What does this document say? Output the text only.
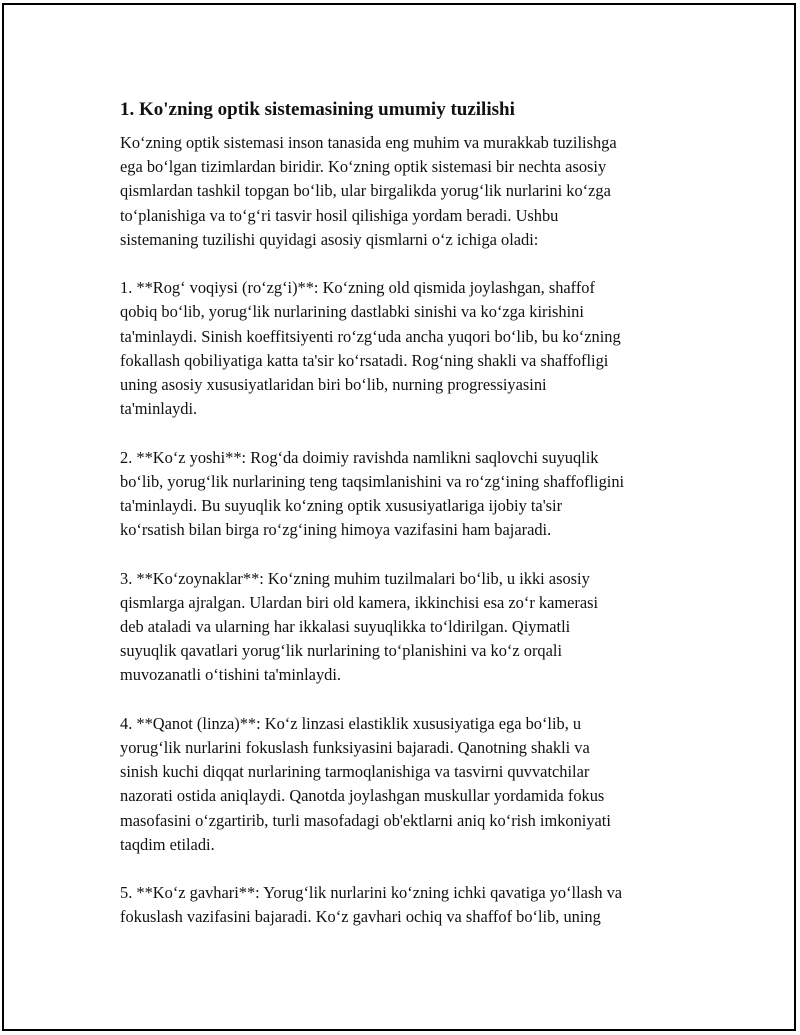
1. Ko'zning optik sistemasining umumiy tuzilishi

Ko‘zning optik sistemasi inson tanasida eng muhim va murakkab tuzilishga
ega bo‘lgan tizimlardan biridir. Ko‘zning optik sistemasi bir nechta asosiy
qismlardan tashkil topgan bo‘lib, ular birgalikda yorug‘lik nurlarini ko‘zga
to‘planishiga va to‘g‘ri tasvir hosil qilishiga yordam beradi. Ushbu
sistemaning tuzilishi quyidagi asosiy qismlarni o‘z ichiga oladi:

1. **Rog‘ voqiysi (ro‘zg‘i)**: Ko‘zning old qismida joylashgan, shaffof
qobiq bo‘lib, yorug‘lik nurlarining dastlabki sinishi va ko‘zga kirishini
ta'minlaydi. Sinish koeffitsiyenti ro‘zg‘uda ancha yuqori bo‘lib, bu ko‘zning
fokallash qobiliyatiga katta ta'sir ko‘rsatadi. Rog‘ning shakli va shaffofligi
uning asosiy xususiyatlaridan biri bo‘lib, nurning progressiyasini
ta'minlaydi.

2. **Ko‘z yoshi**: Rog‘da doimiy ravishda namlikni saqlovchi suyuqlik
bo‘lib, yorug‘lik nurlarining teng taqsimlanishini va ro‘zg‘ining shaffofligini
ta'minlaydi. Bu suyuqlik ko‘zning optik xususiyatlariga ijobiy ta'sir
ko‘rsatish bilan birga ro‘zg‘ining himoya vazifasini ham bajaradi.

3. **Ko‘zoynaklar**: Ko‘zning muhim tuzilmalari bo‘lib, u ikki asosiy
qismlarga ajralgan. Ulardan biri old kamera, ikkinchisi esa zo‘r kamerasi
deb ataladi va ularning har ikkalasi suyuqlikka to‘ldirilgan. Qiymatli
suyuqlik qavatlari yorug‘lik nurlarining to‘planishini va ko‘z orqali
muvozanatli o‘tishini ta'minlaydi.

4. **Qanot (linza)**: Ko‘z linzasi elastiklik xususiyatiga ega bo‘lib, u
yorug‘lik nurlarini fokuslash funksiyasini bajaradi. Qanotning shakli va
sinish kuchi diqqat nurlarining tarmoqlanishiga va tasvirni quvvatchilar
nazorati ostida aniqlaydi. Qanotda joylashgan muskullar yordamida fokus
masofasini o‘zgartirib, turli masofadagi ob'ektlarni aniq ko‘rish imkoniyati
taqdim etiladi.

5. **Ko‘z gavhari**: Yorug‘lik nurlarini ko‘zning ichki qavatiga yo‘llash va
fokuslash vazifasini bajaradi. Ko‘z gavhari ochiq va shaffof bo‘lib, uning
